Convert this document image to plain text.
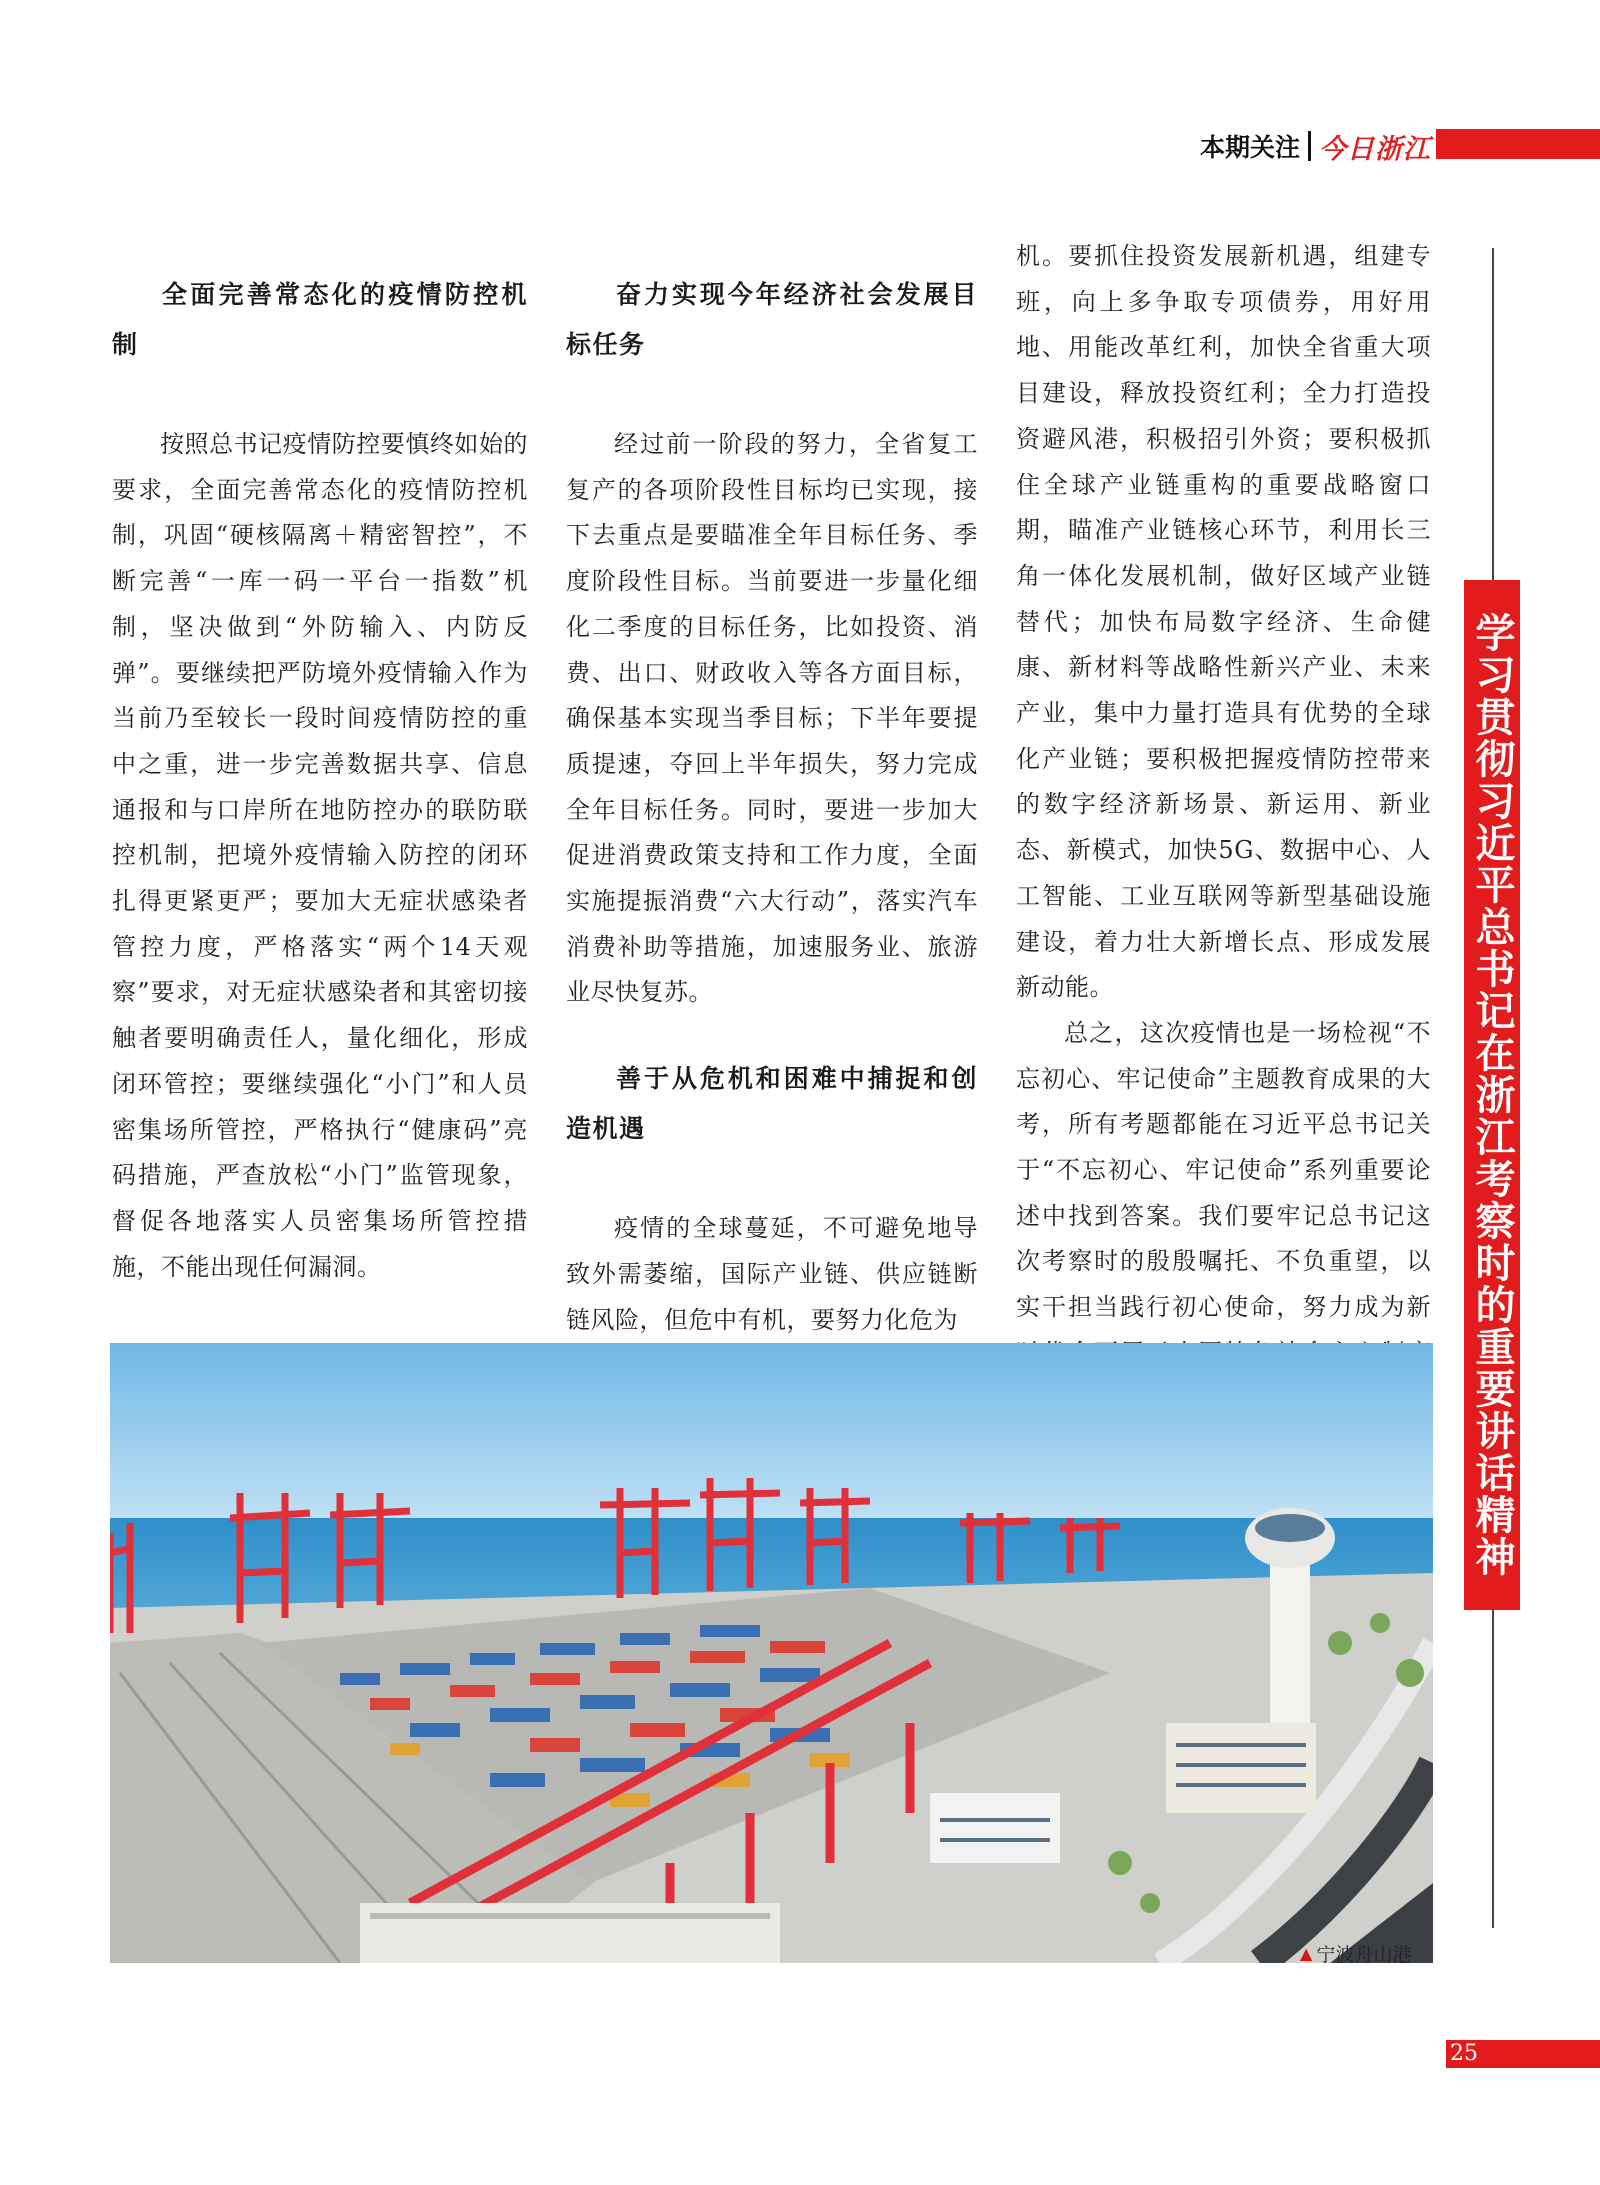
本期关注 今日浙江

全面完善常态化的疫情防控机制

按照总书记疫情防控要慎终如始的要求，全面完善常态化的疫情防控机制，巩固“硬核隔离＋精密智控”，不断完善“一库一码一平台一指数”机制，坚决做到“外防输入、内防反弹”。要继续把严防境外疫情输入作为当前乃至较长一段时间疫情防控的重中之重，进一步完善数据共享、信息通报和与口岸所在地防控办的联防联控机制，把境外疫情输入防控的闭环扎得更紧更严；要加大无症状感染者管控力度，严格落实“两个14天观察”要求，对无症状感染者和其密切接触者要明确责任人，量化细化，形成闭环管控；要继续强化“小门”和人员密集场所管控，严格执行“健康码”亮码措施，严查放松“小门”监管现象，督促各地落实人员密集场所管控措施，不能出现任何漏洞。

奋力实现今年经济社会发展目标任务

经过前一阶段的努力，全省复工复产的各项阶段性目标均已实现，接下去重点是要瞄准全年目标任务、季度阶段性目标。当前要进一步量化细化二季度的目标任务，比如投资、消费、出口、财政收入等各方面目标，确保基本实现当季目标；下半年要提质提速，夺回上半年损失，努力完成全年目标任务。同时，要进一步加大促进消费政策支持和工作力度，全面实施提振消费“六大行动”，落实汽车消费补助等措施，加速服务业、旅游业尽快复苏。

善于从危机和困难中捕捉和创造机遇

疫情的全球蔓延，不可避免地导致外需萎缩，国际产业链、供应链断链风险，但危中有机，要努力化危为

机。要抓住投资发展新机遇，组建专班，向上多争取专项债券，用好用地、用能改革红利，加快全省重大项目建设，释放投资红利；全力打造投资避风港，积极招引外资；要积极抓住全球产业链重构的重要战略窗口期，瞄准产业链核心环节，利用长三角一体化发展机制，做好区域产业链替代；加快布局数字经济、生命健康、新材料等战略性新兴产业、未来产业，集中力量打造具有优势的全球化产业链；要积极把握疫情防控带来的数字经济新场景、新运用、新业态、新模式，加快5G、数据中心、人工智能、工业互联网等新型基础设施建设，着力壮大新增长点、形成发展新动能。

总之，这次疫情也是一场检视“不忘初心、牢记使命”主题教育成果的大考，所有考题都能在习近平总书记关于“不忘初心、牢记使命”系列重要论述中找到答案。我们要牢记总书记这次考察时的殷殷嘱托、不负重望，以实干担当践行初心使命，努力成为新 学习贯彻习近平总书记在浙江考察时的重要讲话精神
▲ 宁波舟山港
25
